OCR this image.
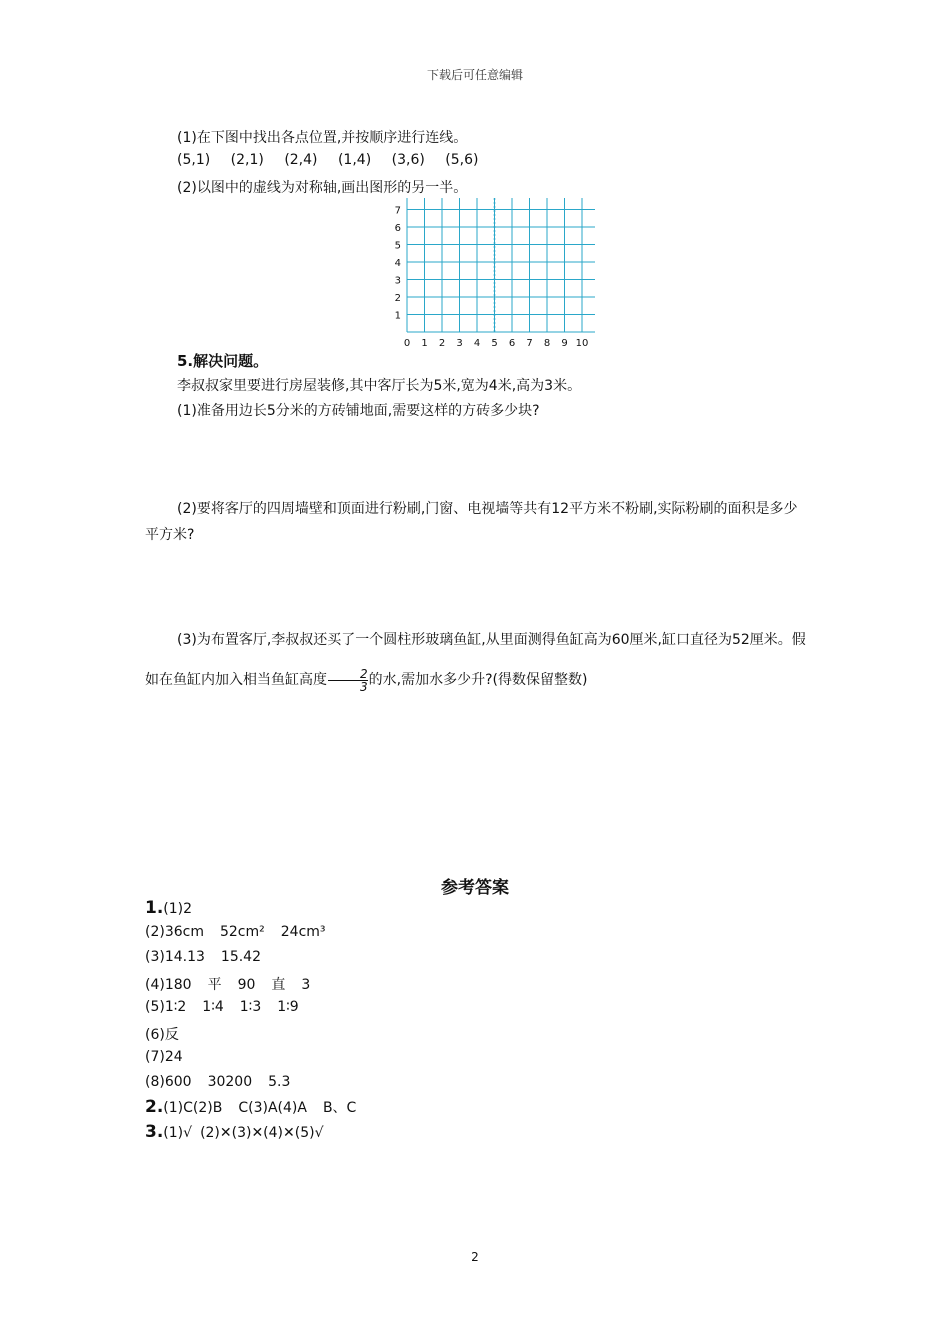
下载后可任意编辑
(1)在下图中找出各点位置,并按顺序进行连线。
(5,1) (2,1) (2,4) (1,4) (3,6) (5,6)
(2)以图中的虚线为对称轴,画出图形的另一半。
0 1 2 3 4 5 6 7 8 9 10
1
2
3
4
5
6
7
5.解决问题。
李叔叔家里要进行房屋装修,其中客厅长为5米,宽为4米,高为3米。
(1)准备用边长5分米的方砖铺地面,需要这样的方砖多少块?
(2)要将客厅的四周墙壁和顶面进行粉刷,门窗、电视墙等共有12平方米不粉刷,实际粉刷的面积是多少平方米?
(3)为布置客厅,李叔叔还买了一个圆柱形玻璃鱼缸,从里面测得鱼缸高为60厘米,缸口直径为52厘米。假如在鱼缸内加入相当鱼缸高度 $\frac{2}{3}$ 的水,需加水多少升?(得数保留整数)
参考答案
1.(1)2
(2)36cm 52cm² 24cm³
(3)14.13 15.42
(4)180 平 90 直 3
(5)1∶2 1∶4 1∶3 1∶9
(6)反
(7)24
(8)600 30200 5.3
2.(1)C(2)B C(3)A(4)A B、C
3.(1)√ (2)✕(3)✕(4)✕(5)√
2
